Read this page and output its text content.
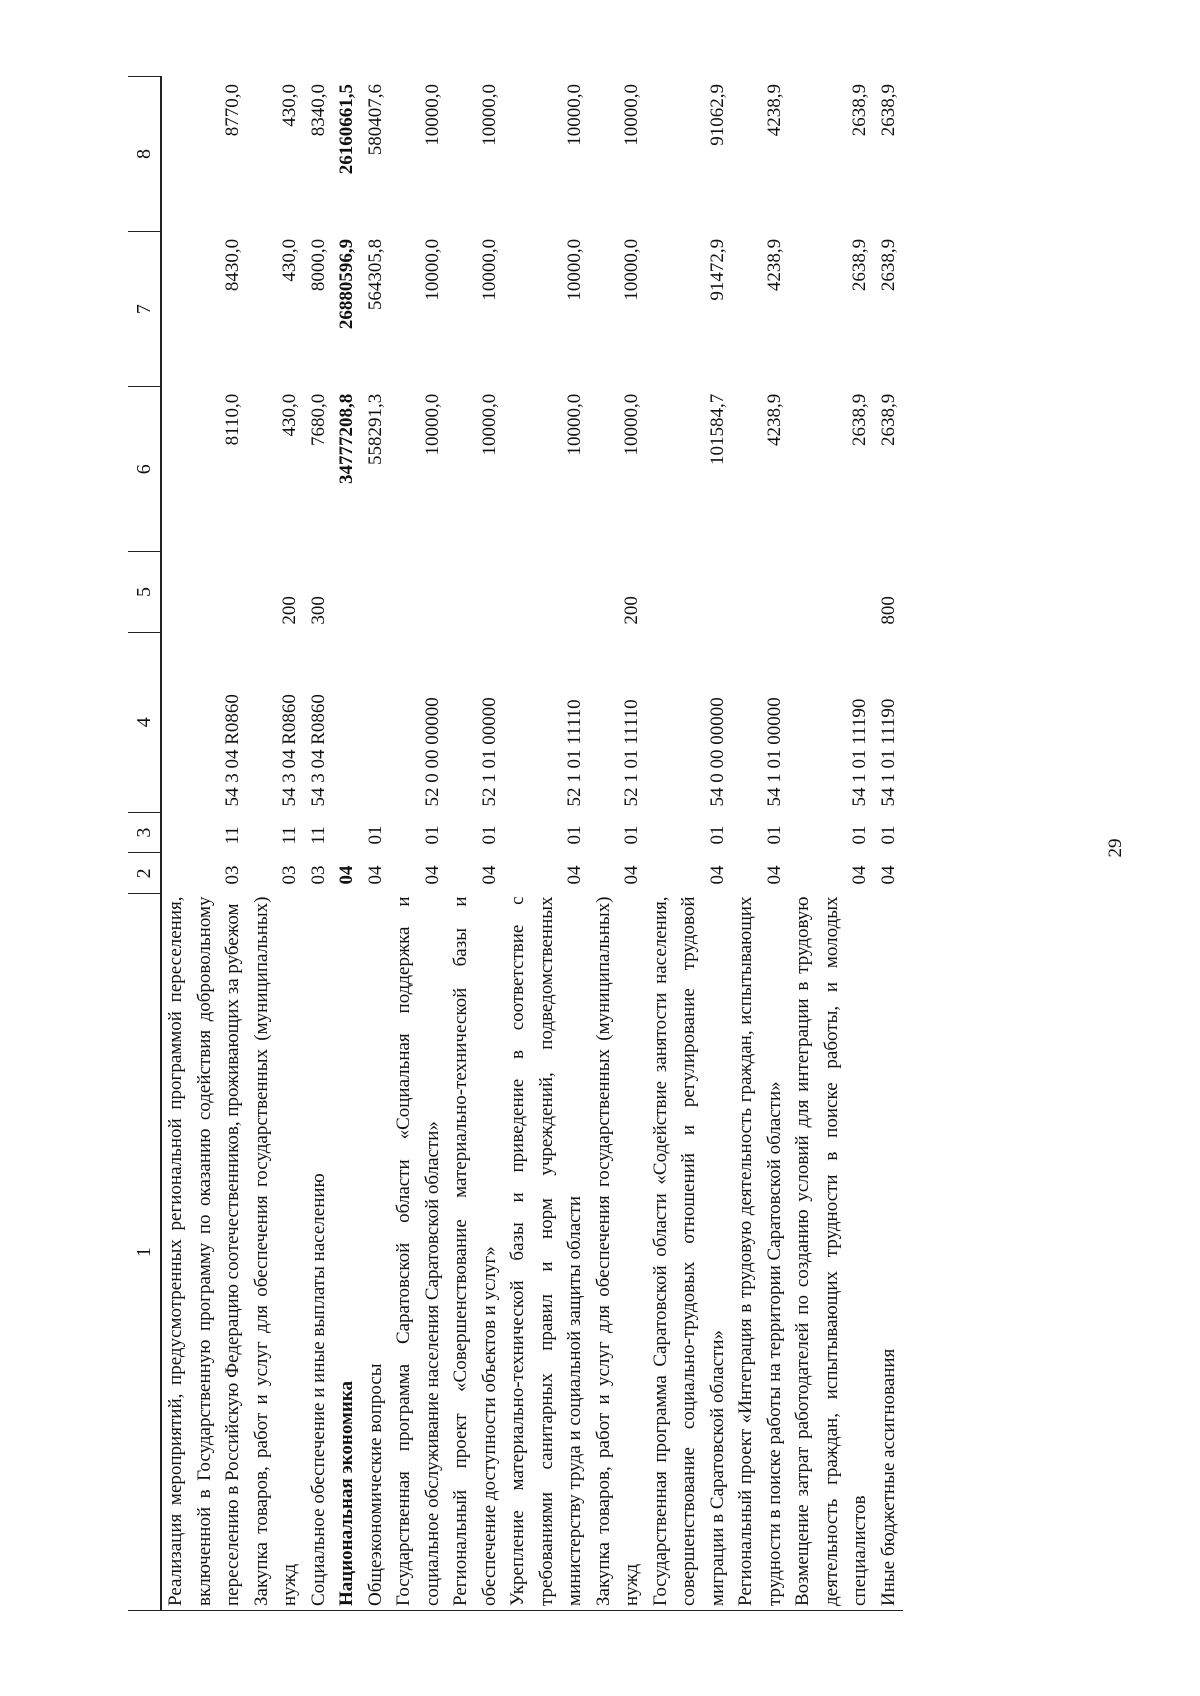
29
1
2
3
4
5
6
7
8
Реализация мероприятий, предусмотренных региональной программой переселения, включенной в Государственную программу по оказанию содействия добровольному переселению в Российскую Федерацию соотечественников, проживающих за рубежом
03
11
54 3 04 R0860
8110,0
8430,0
8770,0
Закупка товаров, работ и услуг для обеспечения государственных (муниципальных) нужд
03
11
54 3 04 R0860
200
430,0
430,0
430,0
Социальное обеспечение и иные выплаты населению
03
11
54 3 04 R0860
300
7680,0
8000,0
8340,0
Национальная экономика
04
34777208,8
26880596,9
26160661,5
Общеэкономические вопросы
04
01
558291,3
564305,8
580407,6
Государственная программа Саратовской области «Социальная поддержка и социальное обслуживание населения Саратовской области»
04
01
52 0 00 00000
10000,0
10000,0
10000,0
Региональный проект «Совершенствование материально-технической базы и обеспечение доступности объектов и услуг»
04
01
52 1 01 00000
10000,0
10000,0
10000,0
Укрепление материально-технической базы и приведение в соответствие с требованиями санитарных правил и норм учреждений, подведомственных министерству труда и социальной защиты области
04
01
52 1 01 11110
10000,0
10000,0
10000,0
Закупка товаров, работ и услуг для обеспечения государственных (муниципальных) нужд
04
01
52 1 01 11110
200
10000,0
10000,0
10000,0
Государственная программа Саратовской области «Содействие занятости населения, совершенствование социально-трудовых отношений и регулирование трудовой миграции в Саратовской области»
04
01
54 0 00 00000
101584,7
91472,9
91062,9
Региональный проект «Интеграция в трудовую деятельность граждан, испытывающих трудности в поиске работы на территории Саратовской области»
04
01
54 1 01 00000
4238,9
4238,9
4238,9
Возмещение затрат работодателей по созданию условий для интеграции в трудовую деятельность граждан, испытывающих трудности в поиске работы, и молодых специалистов
04
01
54 1 01 11190
2638,9
2638,9
2638,9
Иные бюджетные ассигнования
04
01
54 1 01 11190
800
2638,9
2638,9
2638,9
